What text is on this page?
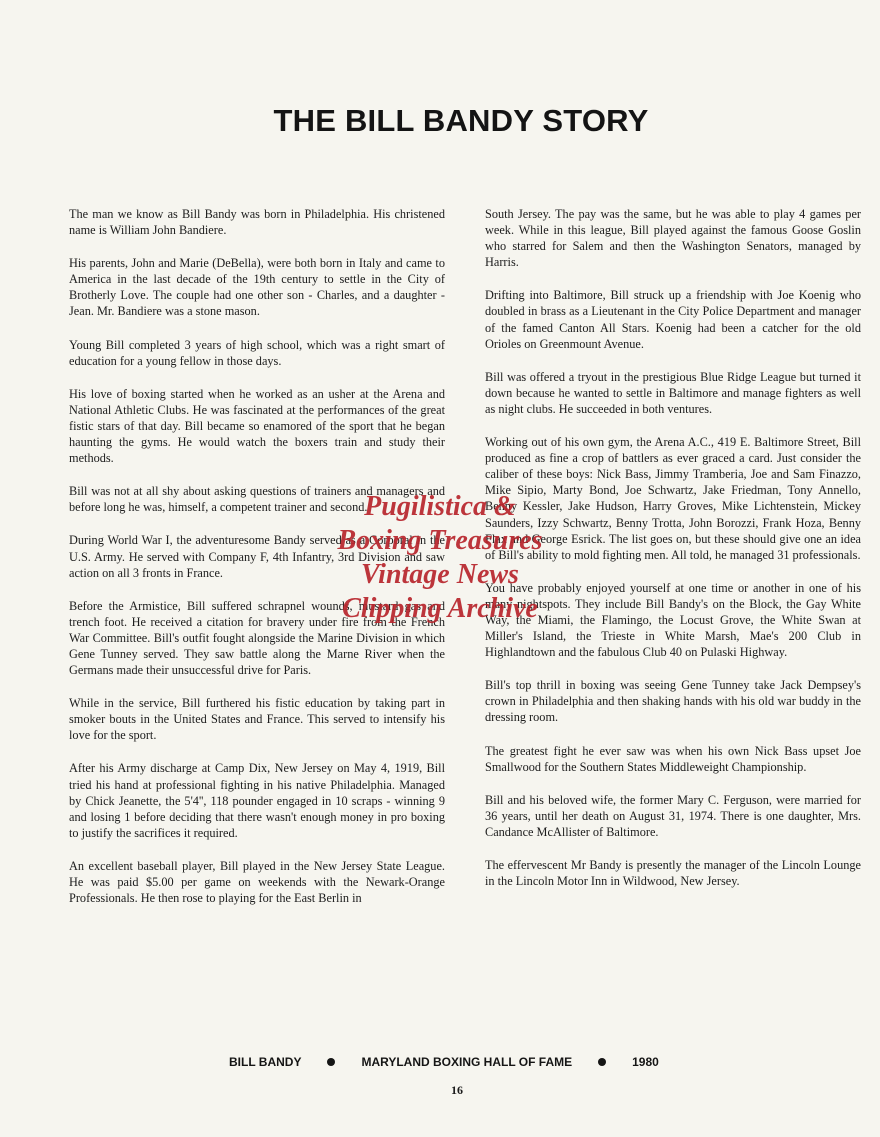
THE BILL BANDY STORY

The man we know as Bill Bandy was born in Philadelphia. His christened name is William John Bandiere.

His parents, John and Marie (DeBella), were both born in Italy and came to America in the last decade of the 19th century to settle in the City of Brotherly Love. The couple had one other son - Charles, and a daughter - Jean. Mr. Bandiere was a stone mason.

Young Bill completed 3 years of high school, which was a right smart of education for a young fellow in those days.

His love of boxing started when he worked as an usher at the Arena and National Athletic Clubs. He was fascinated at the performances of the great fistic stars of that day. Bill became so enamored of the sport that he began haunting the gyms. He would watch the boxers train and study their methods.

Bill was not at all shy about asking questions of trainers and managers and before long he was, himself, a competent trainer and second.

During World War I, the adventuresome Bandy served as a Corporal in the U.S. Army. He served with Company F, 4th Infantry, 3rd Division and saw action on all 3 fronts in France.

Before the Armistice, Bill suffered schrapnel wounds, mustard gas and trench foot. He received a citation for bravery under fire from the French War Committee. Bill's outfit fought alongside the Marine Division in which Gene Tunney served. They saw battle along the Marne River when the Germans made their unsuccessful drive for Paris.

While in the service, Bill furthered his fistic education by taking part in smoker bouts in the United States and France. This served to intensify his love for the sport.

After his Army discharge at Camp Dix, New Jersey on May 4, 1919, Bill tried his hand at professional fighting in his native Philadelphia. Managed by Chick Jeanette, the 5'4'', 118 pounder engaged in 10 scraps - winning 9 and losing 1 before deciding that there wasn't enough money in pro boxing to justify the sacrifices it required.

An excellent baseball player, Bill played in the New Jersey State League. He was paid $5.00 per game on weekends with the Newark-Orange Professionals. He then rose to playing for the East Berlin in

South Jersey. The pay was the same, but he was able to play 4 games per week. While in this league, Bill played against the famous Goose Goslin who starred for Salem and then the Washington Senators, managed by Harris.

Drifting into Baltimore, Bill struck up a friendship with Joe Koenig who doubled in brass as a Lieutenant in the City Police Department and manager of the famed Canton All Stars. Koenig had been a catcher for the old Orioles on Greenmount Avenue.

Bill was offered a tryout in the prestigious Blue Ridge League but turned it down because he wanted to settle in Baltimore and manage fighters as well as night clubs. He succeeded in both ventures.

Working out of his own gym, the Arena A.C., 419 E. Baltimore Street, Bill produced as fine a crop of battlers as ever graced a card. Just consider the caliber of these boys: Nick Bass, Jimmy Tramberia, Joe and Sam Finazzo, Mike Sipio, Marty Bond, Joe Schwartz, Jake Friedman, Tony Annello, Benny Kessler, Jake Hudson, Harry Groves, Mike Lichtenstein, Mickey Saunders, Izzy Schwartz, Benny Trotta, John Borozzi, Frank Hoza, Benny Flax and George Esrick. The list goes on, but these should give one an idea of Bill's ability to mold fighting men. All told, he managed 31 professionals.

You have probably enjoyed yourself at one time or another in one of his many nightspots. They include Bill Bandy's on the Block, the Gay White Way, the Miami, the Flamingo, the Locust Grove, the White Swan at Miller's Island, the Trieste in White Marsh, Mae's 200 Club in Highlandtown and the fabulous Club 40 on Pulaski Highway.

Bill's top thrill in boxing was seeing Gene Tunney take Jack Dempsey's crown in Philadelphia and then shaking hands with his old war buddy in the dressing room.

The greatest fight he ever saw was when his own Nick Bass upset Joe Smallwood for the Southern States Middleweight Championship.

Bill and his beloved wife, the former Mary C. Ferguson, were married for 36 years, until her death on August 31, 1974. There is one daughter, Mrs. Candance McAllister of Baltimore.

The effervescent Mr Bandy is presently the manager of the Lincoln Lounge in the Lincoln Motor Inn in Wildwood, New Jersey.

Pugilistica &
Boxing Treasures
Vintage News
Clipping Archive
BILL BANDY	MARYLAND BOXING HALL OF FAME	1980
16
